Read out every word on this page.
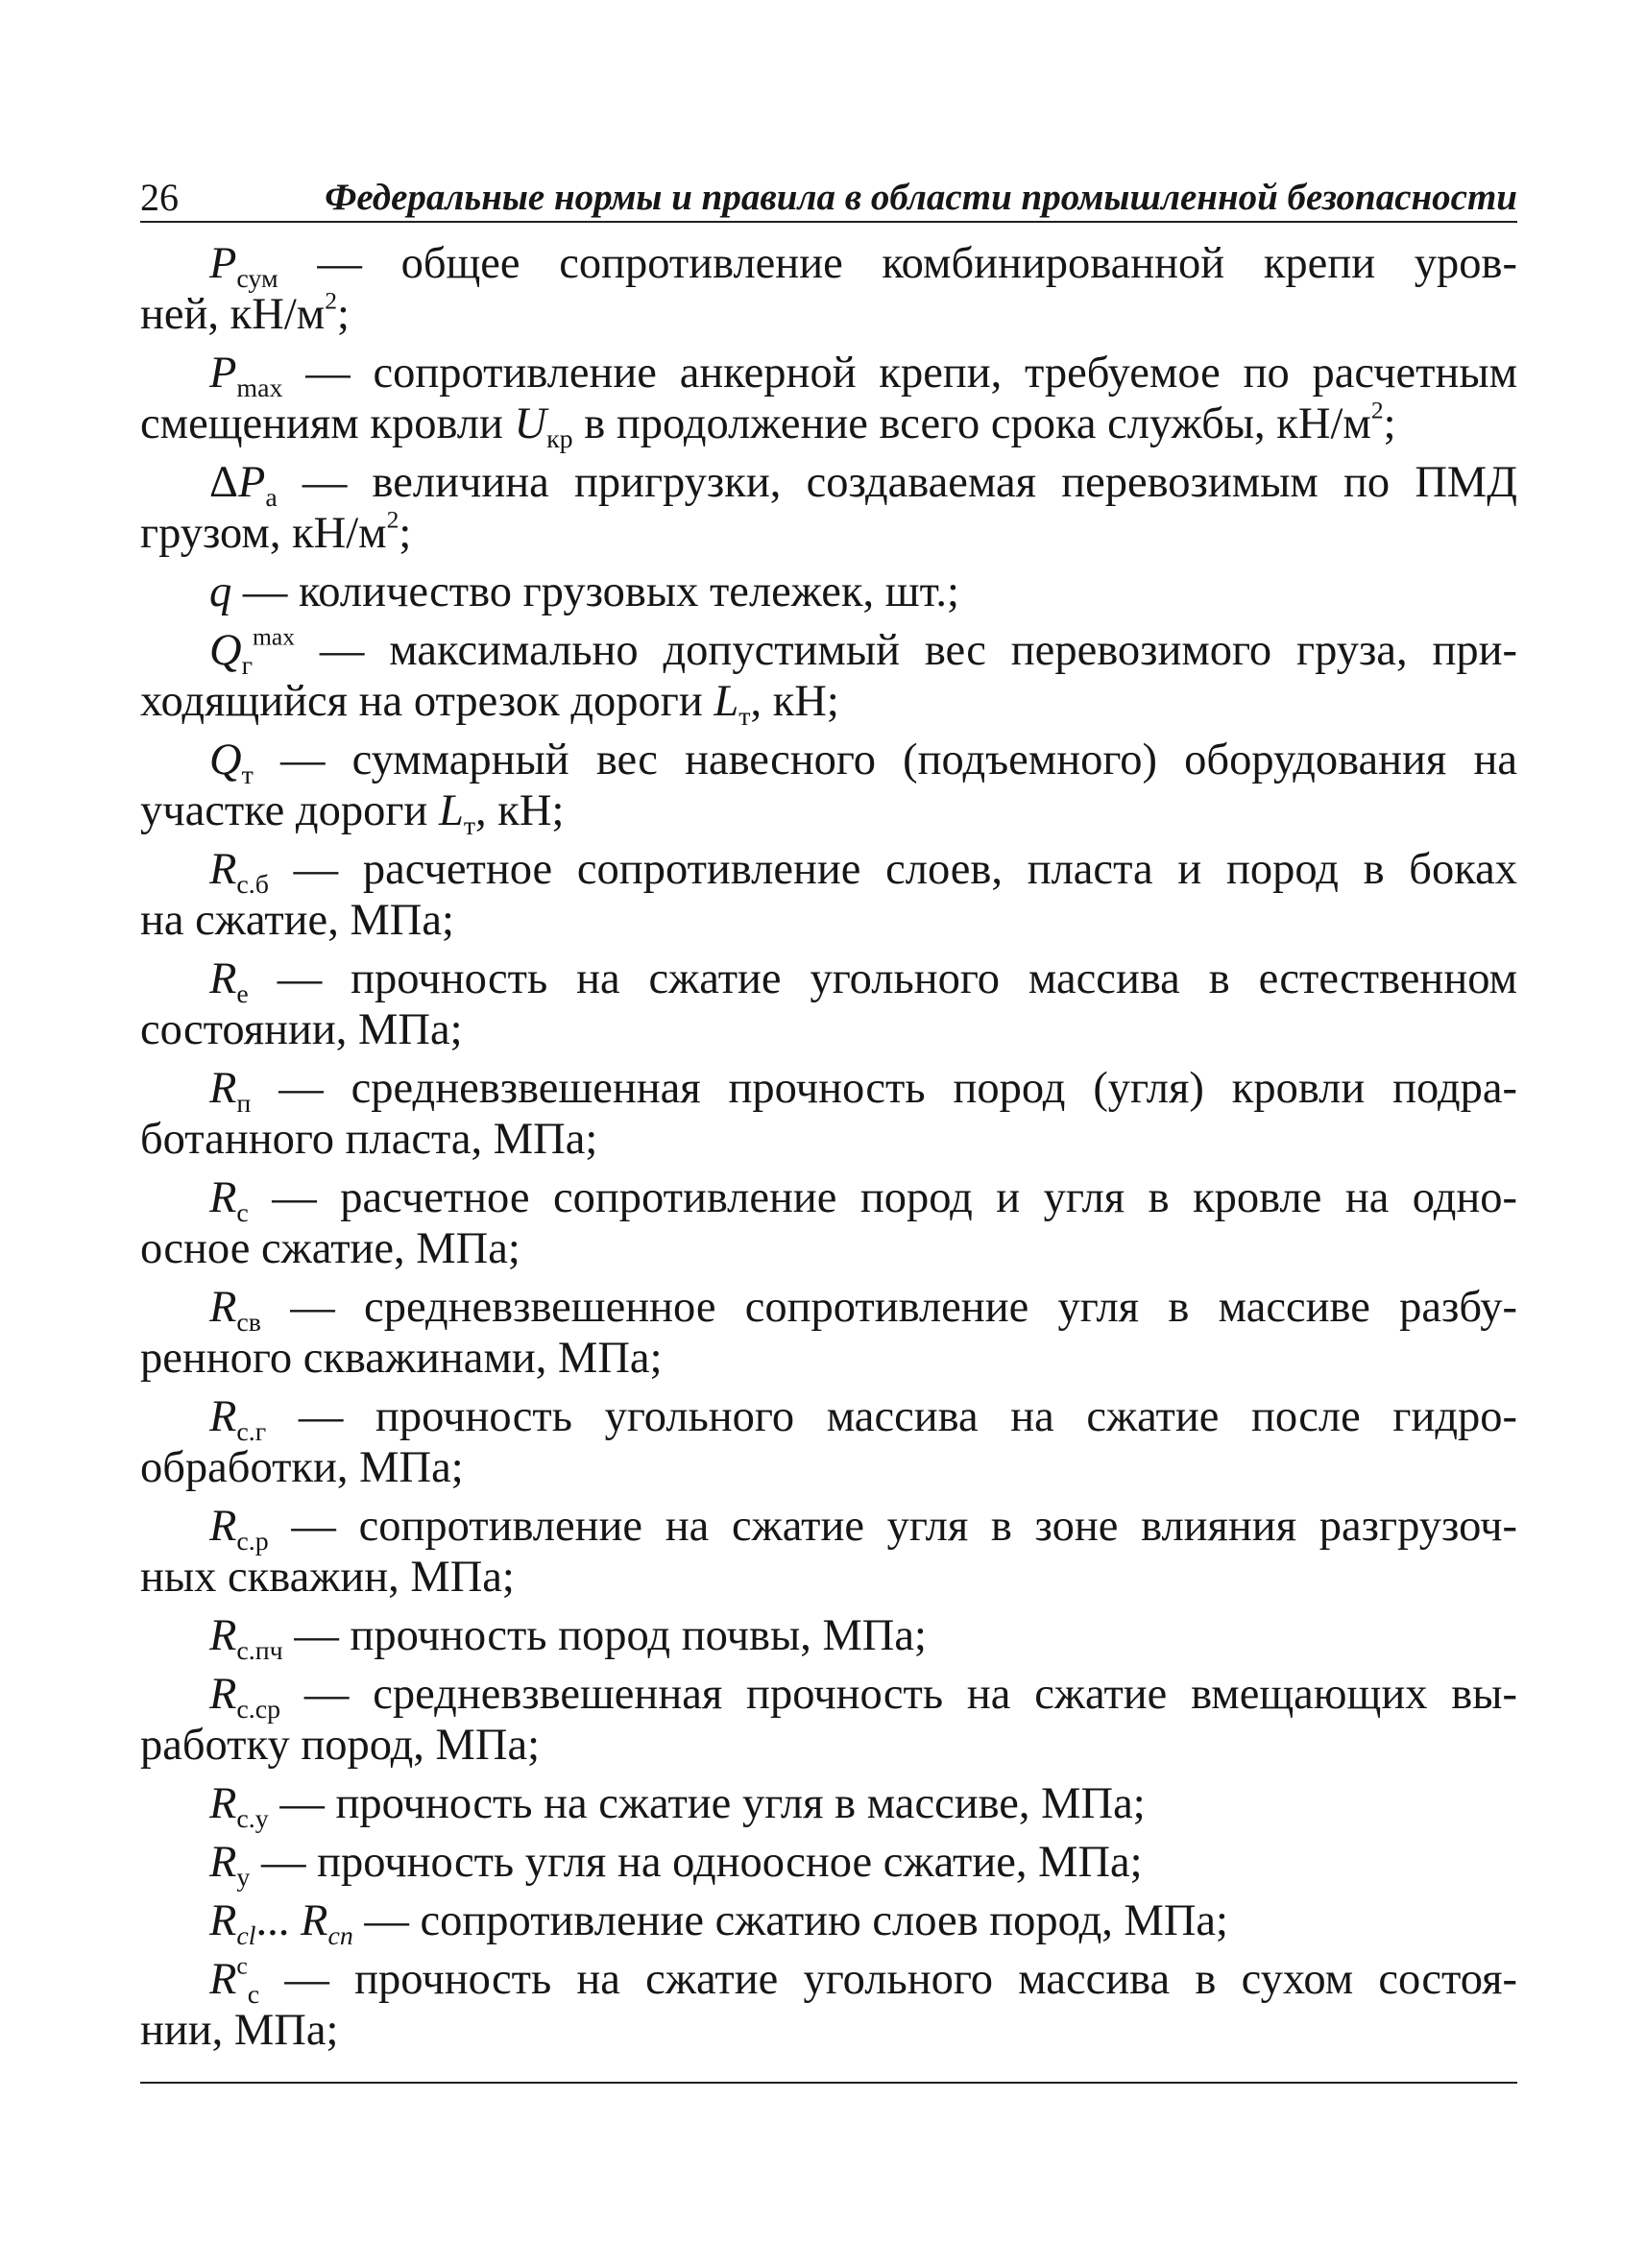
26	Федеральные нормы и правила в области промышленной безопасности
$P_{сум}$ — общее сопротивление комбинированной крепи уров-
ней, $кН/м^2$;
$P_{max}$ — сопротивление анкерной крепи, требуемое по расчетным
смещениям кровли $U_{кр}$ в продолжение всего срока службы, $кН/м^2$;
$\Delta P_а$ — величина пригрузки, создаваемая перевозимым по ПМД
грузом, $кН/м^2$;
q — количество грузовых тележек, шт.;
$Q_г^{max}$ — максимально допустимый вес перевозимого груза, при-
ходящийся на отрезок дороги $L_т$, кН;
$Q_т$ — суммарный вес навесного (подъемного) оборудования на
участке дороги $L_т$, кН;
$R_{с.б}$ — расчетное сопротивление слоев, пласта и пород в боках
на сжатие, МПа;
$R_е$ — прочность на сжатие угольного массива в естественном
состоянии, МПа;
$R_п$ — средневзвешенная прочность пород (угля) кровли подра-
ботанного пласта, МПа;
$R_с$ — расчетное сопротивление пород и угля в кровле на одно-
осное сжатие, МПа;
$R_{св}$ — средневзвешенное сопротивление угля в массиве разбу-
ренного скважинами, МПа;
$R_{с.г}$ — прочность угольного массива на сжатие после гидро-
обработки, МПа;
$R_{с.р}$ — сопротивление на сжатие угля в зоне влияния разгрузоч-
ных скважин, МПа;
$R_{с.пч}$ — прочность пород почвы, МПа;
$R_{с.ср}$ — средневзвешенная прочность на сжатие вмещающих вы-
работку пород, МПа;
$R_{с.у}$ — прочность на сжатие угля в массиве, МПа;
$R_у$ — прочность угля на одноосное сжатие, МПа;
$R_{cl}$... $R_{cn}$ — сопротивление сжатию слоев пород, МПа;
$R^с_с$ — прочность на сжатие угольного массива в сухом состоя-
нии, МПа;
